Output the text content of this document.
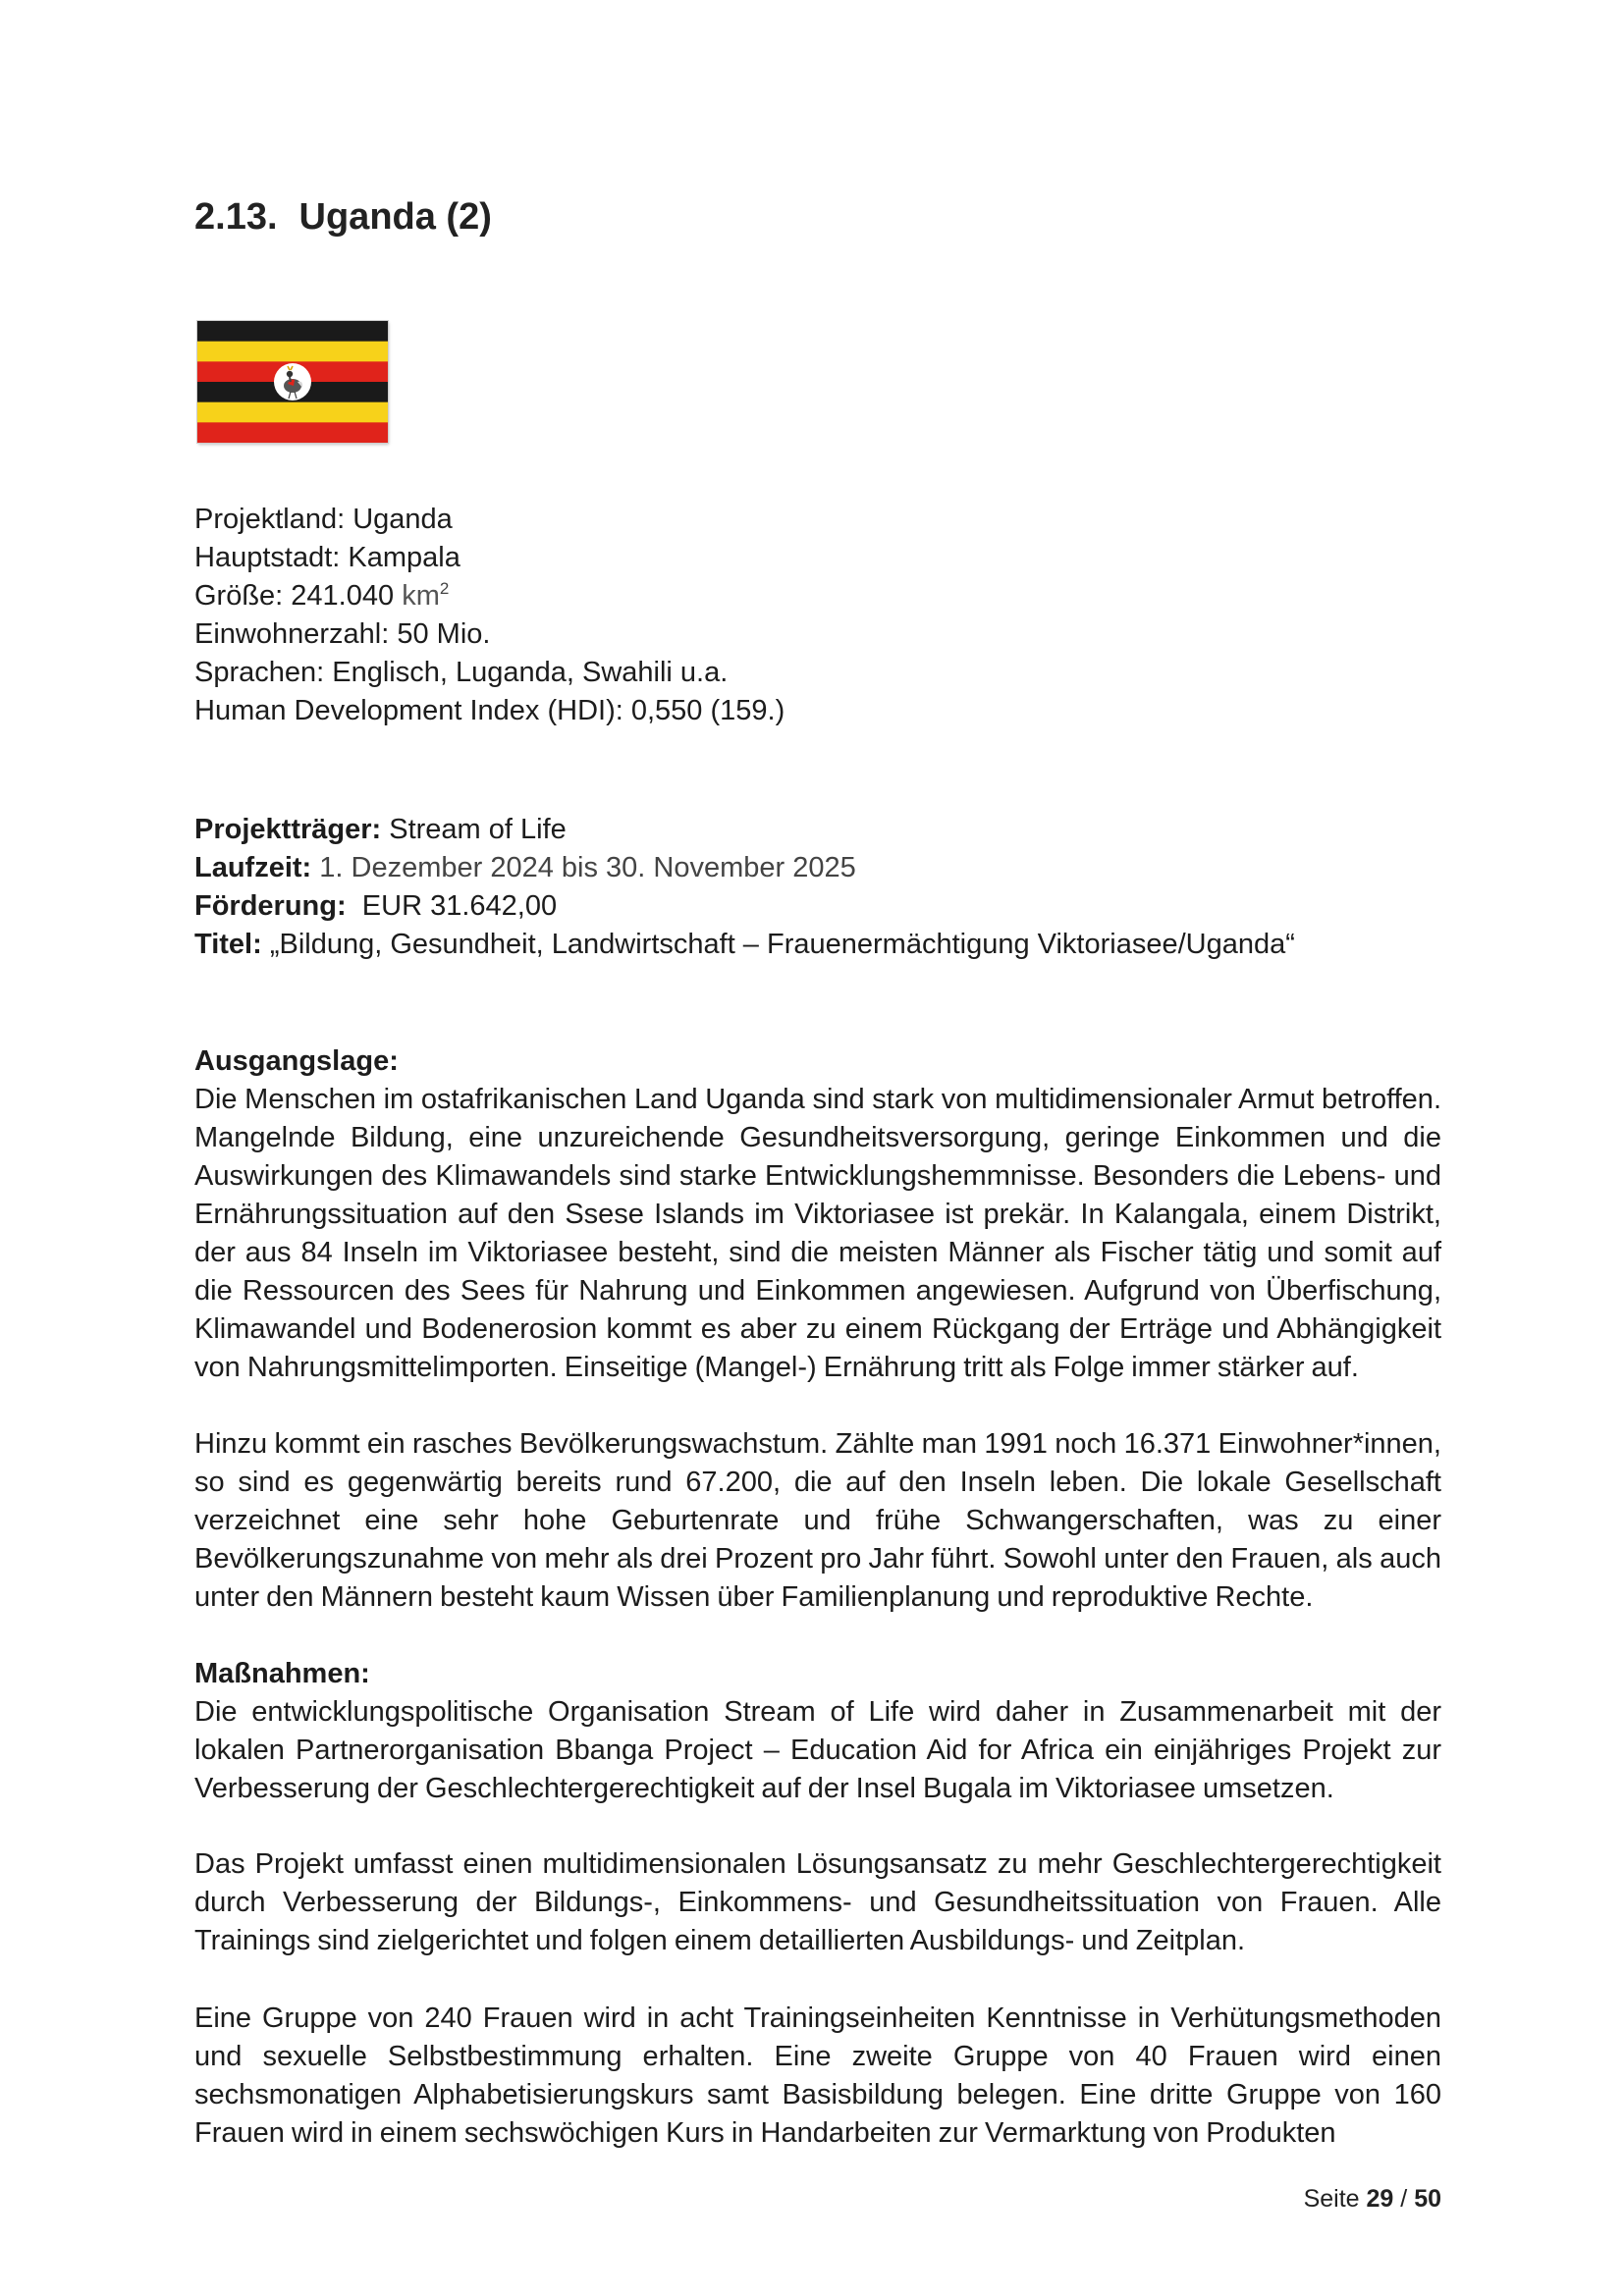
2.13. Uganda (2)
Projektland: Uganda
Hauptstadt: Kampala
Größe: 241.040 $km^2$
Einwohnerzahl: 50 Mio.
Sprachen: Englisch, Luganda, Swahili u.a.
Human Development Index (HDI): 0,550 (159.)
Projektträger: Stream of Life
Laufzeit: 1. Dezember 2024 bis 30. November 2025
Förderung: EUR 31.642,00
Titel: „Bildung, Gesundheit, Landwirtschaft – Frauenermächtigung Viktoriasee/Uganda“

Ausgangslage:

Die Menschen im ostafrikanischen Land Uganda sind stark von multidimensionaler Armut betroffen. Mangelnde Bildung, eine unzureichende Gesundheitsversorgung, geringe Einkommen und die Auswirkungen des Klimawandels sind starke Entwicklungshemmnisse. Besonders die Lebens- und Ernährungssituation auf den Ssese Islands im Viktoriasee ist prekär. In Kalangala, einem Distrikt, der aus 84 Inseln im Viktoriasee besteht, sind die meisten Männer als Fischer tätig und somit auf die Ressourcen des Sees für Nahrung und Einkommen angewiesen. Aufgrund von Überfischung, Klimawandel und Bodenerosion kommt es aber zu einem Rückgang der Erträge und Abhängigkeit von Nahrungsmittelimporten. Einseitige (Mangel-) Ernährung tritt als Folge immer stärker auf.

Hinzu kommt ein rasches Bevölkerungswachstum. Zählte man 1991 noch 16.371 Einwohner*innen, so sind es gegenwärtig bereits rund 67.200, die auf den Inseln leben. Die lokale Gesellschaft verzeichnet eine sehr hohe Geburtenrate und frühe Schwangerschaften, was zu einer Bevölkerungszunahme von mehr als drei Prozent pro Jahr führt. Sowohl unter den Frauen, als auch unter den Männern besteht kaum Wissen über Familienplanung und reproduktive Rechte.

Maßnahmen:

Die entwicklungspolitische Organisation Stream of Life wird daher in Zusammenarbeit mit der lokalen Partnerorganisation Bbanga Project – Education Aid for Africa ein einjähriges Projekt zur Verbesserung der Geschlechtergerechtigkeit auf der Insel Bugala im Viktoriasee umsetzen.

Das Projekt umfasst einen multidimensionalen Lösungsansatz zu mehr Geschlechtergerechtigkeit durch Verbesserung der Bildungs-, Einkommens- und Gesundheitssituation von Frauen. Alle Trainings sind zielgerichtet und folgen einem detaillierten Ausbildungs- und Zeitplan.

Eine Gruppe von 240 Frauen wird in acht Trainingseinheiten Kenntnisse in Verhütungsmethoden und sexuelle Selbstbestimmung erhalten. Eine zweite Gruppe von 40 Frauen wird einen sechsmonatigen Alphabetisierungskurs samt Basisbildung belegen. Eine dritte Gruppe von 160 Frauen wird in einem sechswöchigen Kurs in Handarbeiten zur Vermarktung von Produkten

Seite 29 / 50
